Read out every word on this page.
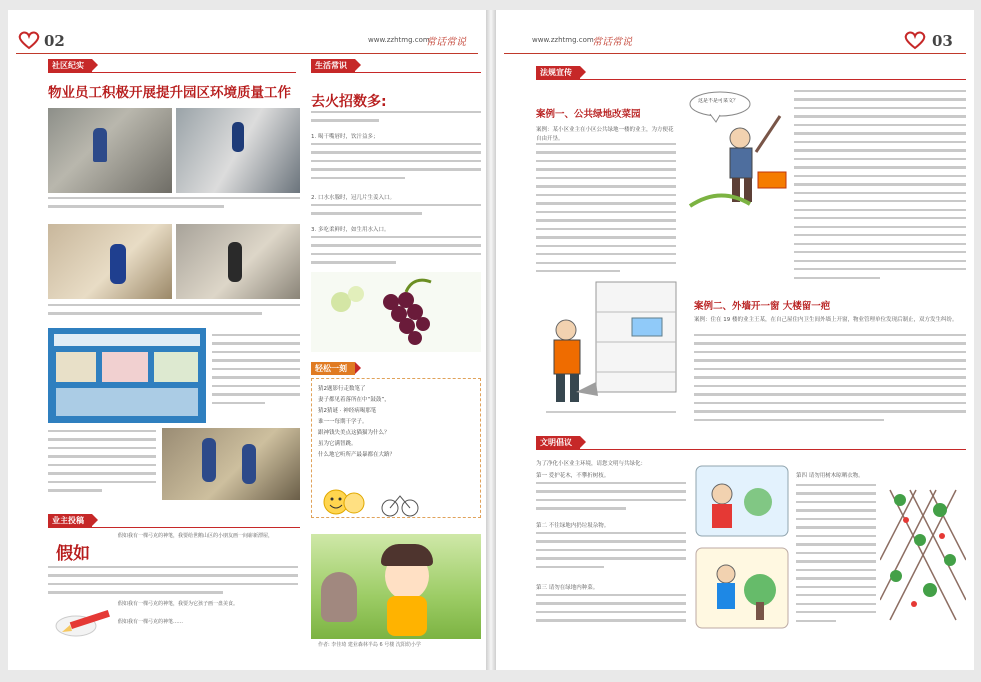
02	www.zzhtmg.com
常话常说
社区纪实
物业员工积极开展提升园区环境质量工作
业主投稿
假如
假如我有一棵弓克的神笔，我要给世鹅山区的小朋友画一间崭新漂屋，
假如我有一棵弓克的神笔，我要为它孩子画一盘美食。
假如我有一棵弓克的神笔……
生活常识
去火招数多:
1. 喝干嘴唇时，饮汁益多；
2. 口水水腺时，冠几片生姜入口。
3. 多吃柔鲜时，如生用水入口。
轻松一刻
猜2题影行走数笔了
妻子都见着落所在中“鼓鼓”，
猜2猜谜 · 神经病喝那笔
谁一一每期干学子。
跟神钱失美点这猫猫为什么？
虽为它满智跳。
什么地它听所产最暴都在大路？
作者: 李佳琦 建业森林半岛 6 号楼 沈阳幼小学
www.zzhtmg.com
常话常说	03
法规宣传
案例一、公共绿地改菜园
案例：某小区业主在小区公共绿地一楼的业主，为方便花自由开垦。
这是不是可菜文？
案例二、外墙开一窗 大楼留一疤
案例：住在 19 楼的业主王某，在自己屋住内卫生间外墙上开窗，物业管理单位发现后制止，双方发生纠纷。
文明倡议
为了净化小区业主环境，请您文明与共绿化：
第一 爱护花木，不攀折树枝。
第二 不往绿地内扔垃圾杂物。
第三 请勿在绿地内种菜。
第四 请勿用树木晾晒衣物。
